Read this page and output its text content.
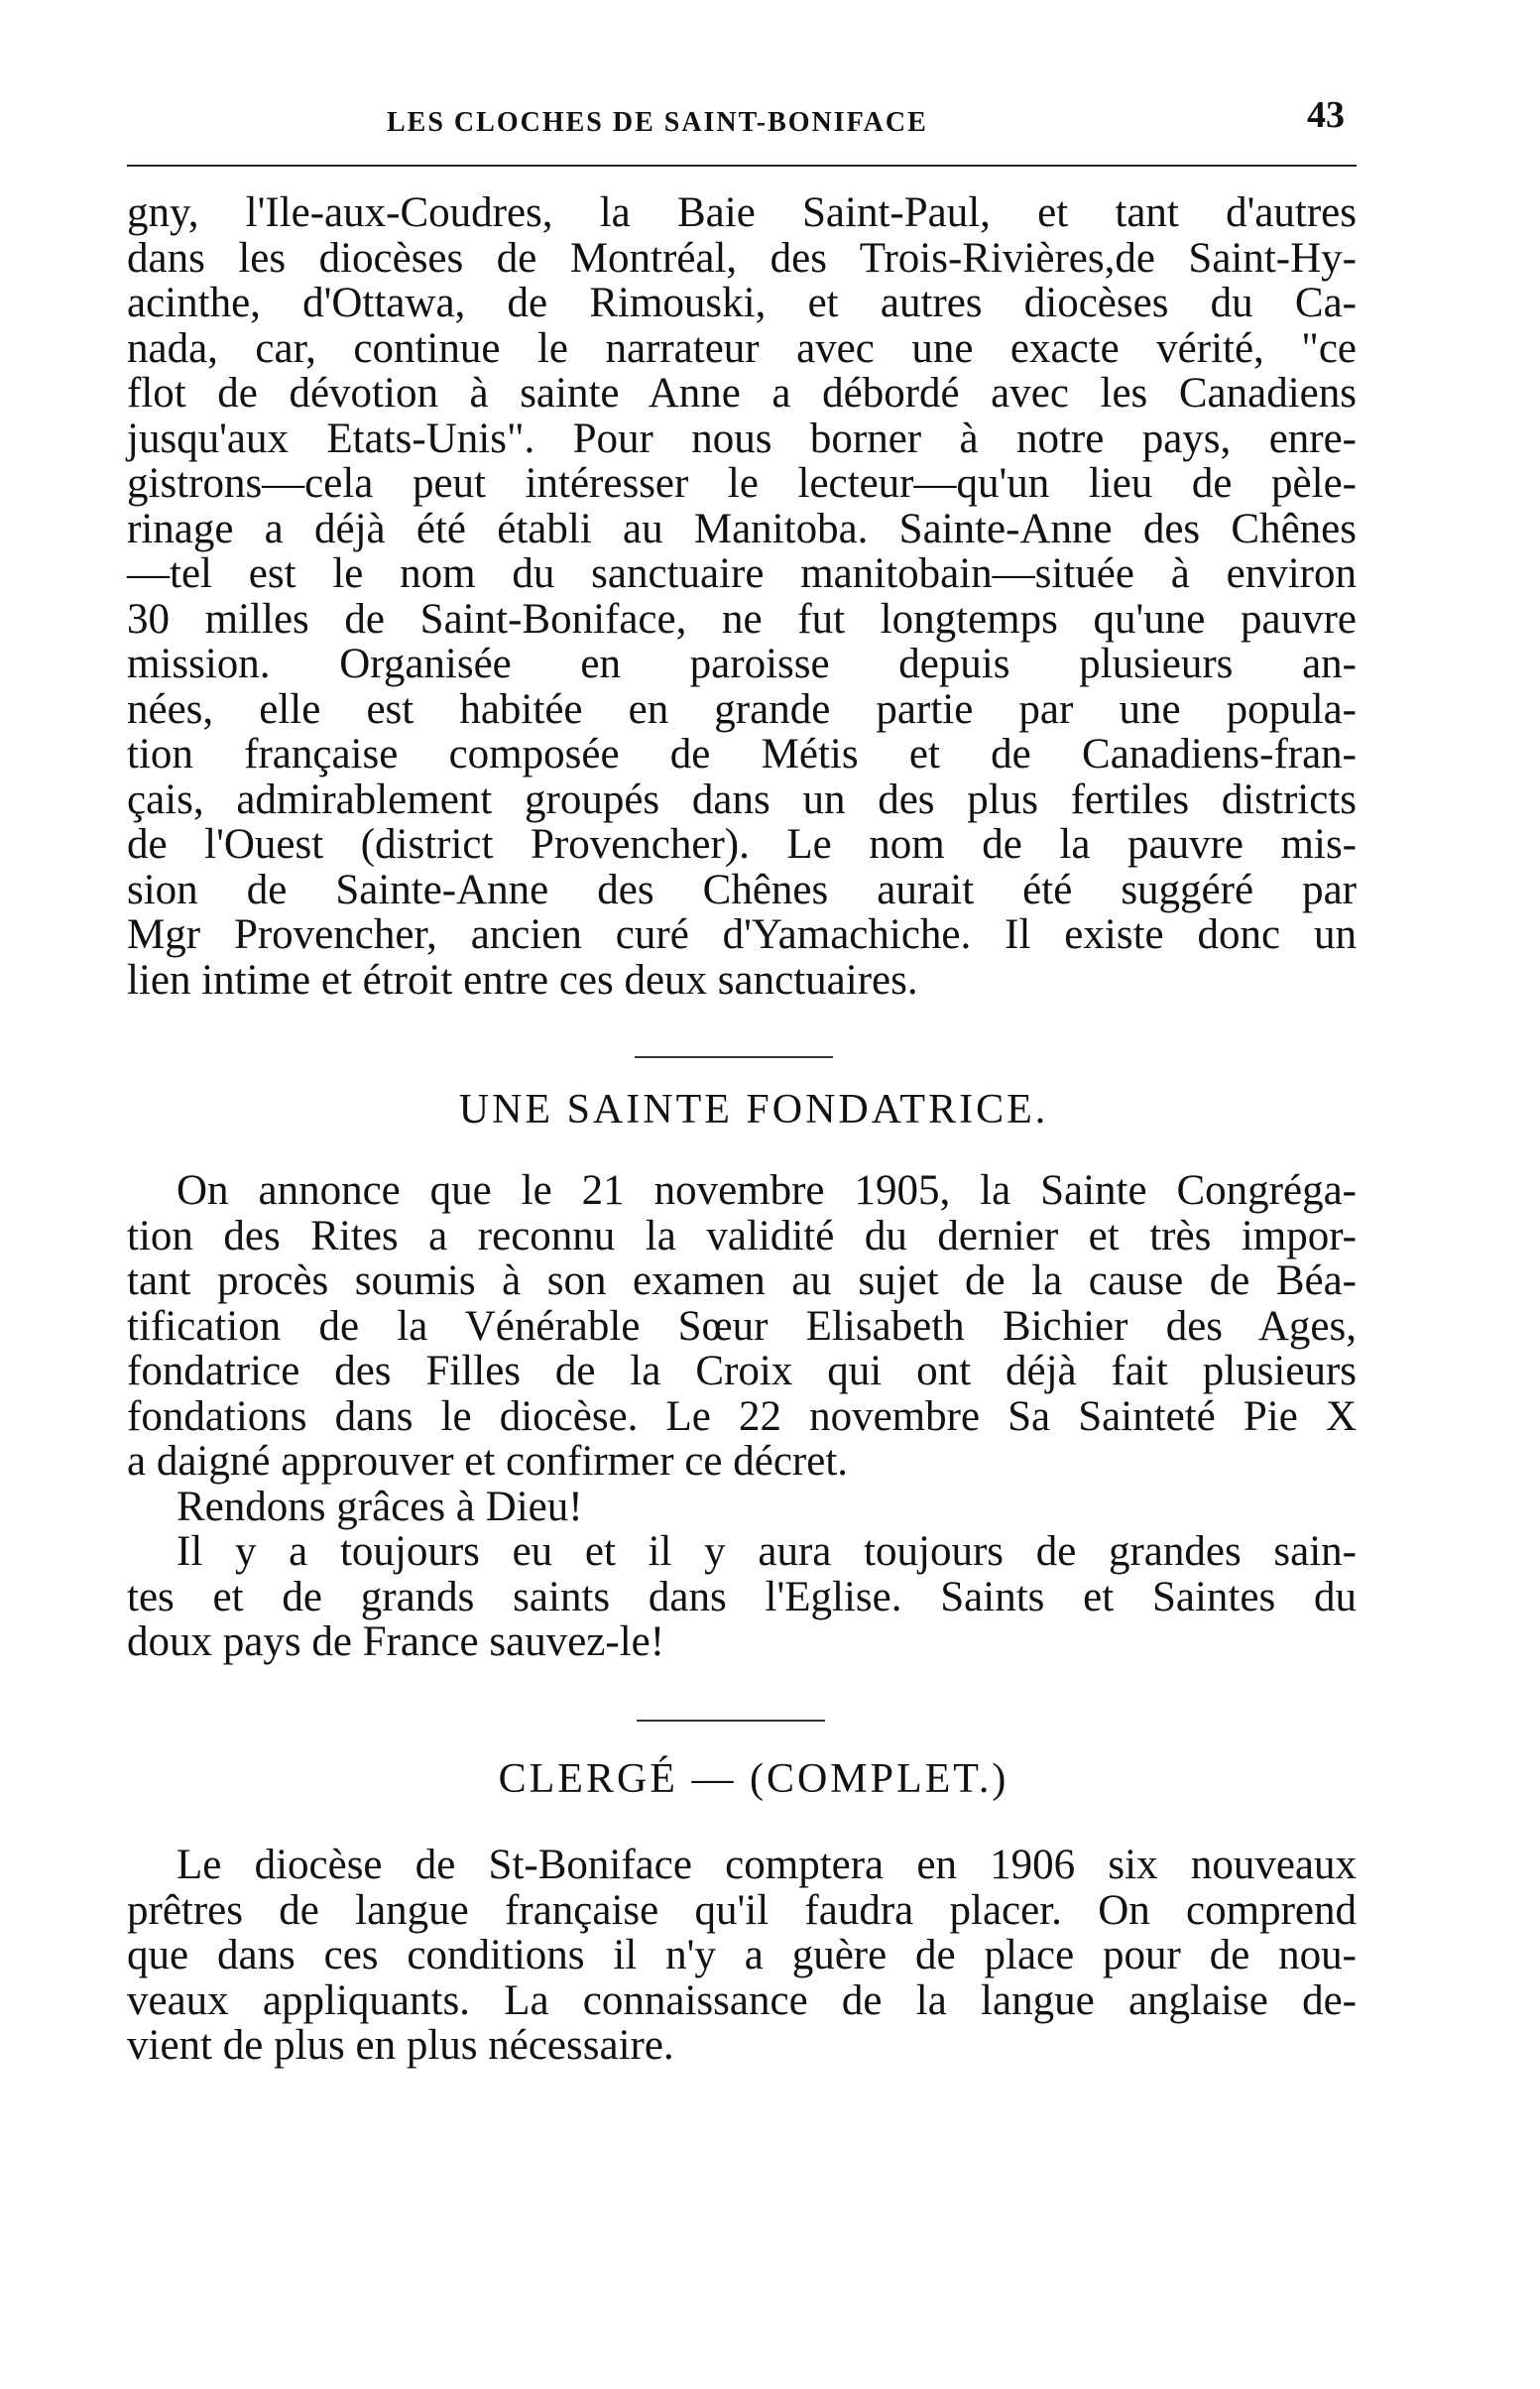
LES CLOCHES DE SAINT-BONIFACE	43
gny, l'Ile-aux-Coudres, la Baie Saint-Paul, et tant d'autres
dans les diocèses de Montréal, des Trois-Rivières,de Saint-Hy-
acinthe, d'Ottawa, de Rimouski, et autres diocèses du Ca-
nada, car, continue le narrateur avec une exacte vérité, "ce
flot de dévotion à sainte Anne a débordé avec les Canadiens
jusqu'aux Etats-Unis". Pour nous borner à notre pays, enre-
gistrons—cela peut intéresser le lecteur—qu'un lieu de pèle-
rinage a déjà été établi au Manitoba. Sainte-Anne des Chênes
—tel est le nom du sanctuaire manitobain—située à environ
30 milles de Saint-Boniface, ne fut longtemps qu'une pauvre
mission. Organisée en paroisse depuis plusieurs an-
nées, elle est habitée en grande partie par une popula-
tion française composée de Métis et de Canadiens-fran-
çais, admirablement groupés dans un des plus fertiles districts
de l'Ouest (district Provencher). Le nom de la pauvre mis-
sion de Sainte-Anne des Chênes aurait été suggéré par
Mgr Provencher, ancien curé d'Yamachiche. Il existe donc un
lien intime et étroit entre ces deux sanctuaires.
UNE SAINTE FONDATRICE.
On annonce que le 21 novembre 1905, la Sainte Congréga-
tion des Rites a reconnu la validité du dernier et très impor-
tant procès soumis à son examen au sujet de la cause de Béa-
tification de la Vénérable Sœur Elisabeth Bichier des Ages,
fondatrice des Filles de la Croix qui ont déjà fait plusieurs
fondations dans le diocèse. Le 22 novembre Sa Sainteté Pie X
a daigné approuver et confirmer ce décret.
Rendons grâces à Dieu!
Il y a toujours eu et il y aura toujours de grandes sain-
tes et de grands saints dans l'Eglise. Saints et Saintes du
doux pays de France sauvez-le!
CLERGÉ — (COMPLET.)
Le diocèse de St-Boniface comptera en 1906 six nouveaux
prêtres de langue française qu'il faudra placer. On comprend
que dans ces conditions il n'y a guère de place pour de nou-
veaux appliquants. La connaissance de la langue anglaise de-
vient de plus en plus nécessaire.
